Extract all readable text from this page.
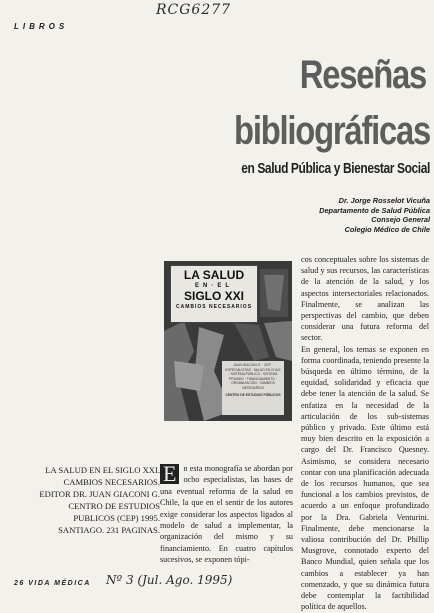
RCG6277
LIBROS
Reseñas
bibliográficas
en Salud Pública y Bienestar Social
Dr. Jorge Rosselot Vicuña
Departamento de Salud Pública
Consejo General
Colegio Médico de Chile
LA SALUD
EN·EL
SIGLO XXI
CAMBIOS NECESARIOS
JUAN GIACONI G. · CEP · ESPECIALISTAS · SALUD EN CHILE · SISTEMA PÚBLICO · SISTEMA PRIVADO · FINANCIAMIENTO · ORGANIZACIÓN · CAMBIOS NECESARIOS
CENTRO DE ESTUDIOS PÚBLICOS
LA SALUD EN EL SIGLO XXI. CAMBIOS NECESARIOS. EDITOR DR. JUAN GIACONI G. CENTRO DE ESTUDIOS PUBLICOS (CEP) 1995. SANTIAGO. 231 PAGINAS.
E n esta monografía se abordan por ocho especialistas, las bases de una eventual reforma de la salud en Chile, la que en el sentir de los autores exige considerar los aspectos ligados al modelo de salud a implementar, la organización del mismo y su financiamiento. En cuatro capítulos sucesivos, se exponen tópi-

cos conceptuales sobre los sistemas de salud y sus recursos, las características de la atención de la salud, y los aspectos intersectoriales relacionados. Finalmente, se analizan las perspectivas del cambio, que deben considerar una futura reforma del sector.

En general, los temas se exponen en forma coordinada, teniendo presente la búsqueda en último término, de la equidad, solidaridad y eficacia que debe tener la atención de la salud. Se enfatiza en la necesidad de la articulación de los sub-sistemas público y privado. Este último está muy bien descrito en la exposición a cargo del Dr. Francisco Quesney. Asimismo, se considera necesario contar con una planificación adecuada de los recursos humanos, que sea funcional a los cambios previstos, de acuerdo a un enfoque profundizado por la Dra. Gabriela Venturini. Finalmente, debe mencionarse la valiosa contribución del Dr. Phillip Musgrove, connotado experto del Banco Mundial, quien señala que los cambios a establecer ya han comenzado, y que su dinámica futura debe contemplar la factibilidad política de aquellos.

26 VIDA MÉDICA Nº 3 (Jul. Ago. 1995)
